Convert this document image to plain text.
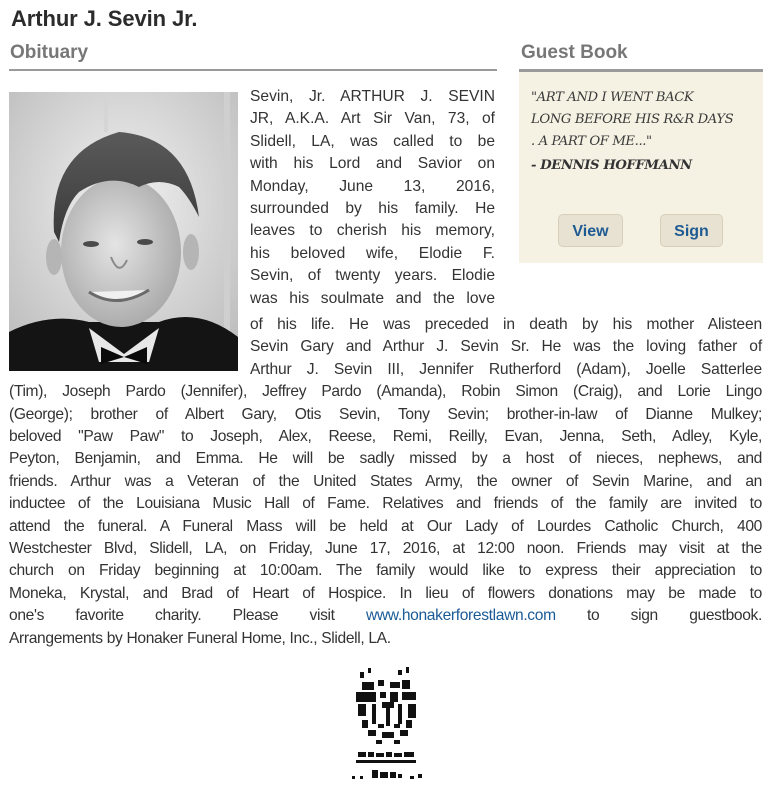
Arthur J. Sevin Jr.
Obituary	Guest Book
"ART AND I WENT BACK
LONG BEFORE HIS R&R DAYS
. A PART OF ME..."
- DENNIS HOFFMANN
View	Sign
Sevin, Jr. ARTHUR J. SEVIN
JR, A.K.A. Art Sir Van, 73, of
Slidell, LA, was called to be
with his Lord and Savior on
Monday, June 13, 2016,
surrounded by his family. He
leaves to cherish his memory,
his beloved wife, Elodie F.
Sevin, of twenty years. Elodie
was his soulmate and the love
of his life. He was preceded in death by his mother Alisteen
Sevin Gary and Arthur J. Sevin Sr. He was the loving father of
Arthur J. Sevin III, Jennifer Rutherford (Adam), Joelle Satterlee
(Tim), Joseph Pardo (Jennifer), Jeffrey Pardo (Amanda), Robin Simon (Craig), and Lorie Lingo
(George); brother of Albert Gary, Otis Sevin, Tony Sevin; brother-in-law of Dianne Mulkey;
beloved "Paw Paw" to Joseph, Alex, Reese, Remi, Reilly, Evan, Jenna, Seth, Adley, Kyle,
Peyton, Benjamin, and Emma. He will be sadly missed by a host of nieces, nephews, and
friends. Arthur was a Veteran of the United States Army, the owner of Sevin Marine, and an
inductee of the Louisiana Music Hall of Fame. Relatives and friends of the family are invited to
attend the funeral. A Funeral Mass will be held at Our Lady of Lourdes Catholic Church, 400
Westchester Blvd, Slidell, LA, on Friday, June 17, 2016, at 12:00 noon. Friends may visit at the
church on Friday beginning at 10:00am. The family would like to express their appreciation to
Moneka, Krystal, and Brad of Heart of Hospice. In lieu of flowers donations may be made to
one's favorite charity. Please visit www.honakerforestlawn.com to sign guestbook.
Arrangements by Honaker Funeral Home, Inc., Slidell, LA.
